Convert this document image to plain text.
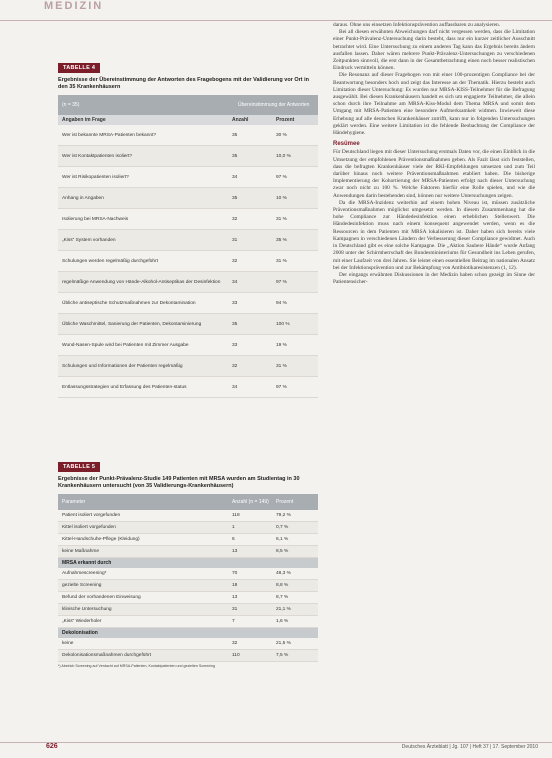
MEDIZIN
TABELLE 4
Ergebnisse der Übereinstimmung der Antworten des Fragebogens mit der Validierung vor Ort in den 35 Krankenhäusern
(n = 35)	Übereinstimmung der Antworten
Angaben im Frage	Anzahl	Prozent
Wer ist bekannte MRSA-Patienten bekannt?	35	30 %
Wer ist Kontaktpatienten isoliert?	35	10,0 %
Wer ist Risikopatienten isoliert?	34	97 %
Anhang in Angaben	35	10 %
Isolierung bei MRSA-Nachweis	32	31 %
„Kiss“ System vorhanden	31	35 %
Schulungen werden regelmäßig durchgeführt	32	31 %
regelmäßige Anwendung von Hände-Alkohol-Antiseptikas der Desinfektion	34	97 %
Übliche antiseptische Schutzmaßnahmen zur Dekontamination	33	94 %
Übliche Waschmittel, Sanierung der Patienten, Dekontaminierung	35	100 %
Wund-Nasen-Spule wird bei Patienten mit Zimmer Ausgabe	33	19 %
Schulungen und Informationen der Patienten regelmäßig	32	31 %
Entlassungsstrategien und Erfassung des Patienten-status	34	97 %
TABELLE 5
Ergebnisse der Punkt-Prävalenz-Studie 149 Patienten mit MRSA wurden am Studientag in 30 Krankenhäusern untersucht (von 35 Validierungs-Krankenhäusern)
Parameter	Anzahl (n = 149)	Prozent
Patient isoliert vorgefunden	118	79,2 %
Kittel isoliert vorgefunden	1	0,7 %
Kittel-Handschuhe-Pflege (Kleidung)	6	6,1 %
keine Maßnahme	13	8,5 %
MRSA erkannt durch
Aufnahmescreening*	70	48,3 %
gezielte Screening	18	8,8 %
Befund der vorhandenen Einweisung	13	8,7 %
klinische Untersuchung	31	21,1 %
„Kiss“ Wiederholer	7	1,6 %
Dekolonisation
keine	32	21,5 %
Dekolonisationsmaßnahmen durchgeführt	110	7,5 %
*) Abstrich Screening auf Verdacht auf MRSA-Patienten, Kontaktpatienten und gezielten Screening

daraus. Ohne uns einsetzen Infektionsprävention auffassbaren zu analysieren.

Bei all diesen erwähnten Abweichungen darf nicht vergessen werden, dass die Limitation einer Punkt-Prävalenz-Untersuchung darin besteht, dass nur ein kurzer zeitlicher Ausschnitt betrachtet wird. Eine Untersuchung zu einem anderen Tag kann das Ergebnis bereits ändern ausfallen lassen. Daher wären mehrere Punkt-Prävalenz-Untersuchungen zu verschiedenen Zeitpunkten sinnvoll, die erst dann in der Gesamtbetrachtung einen noch besser realistischen Eindruck vermitteln können.

Die Resonanz auf dieser Fragebogen von mit einer 100-prozentigen Compliance bei der Beantwortung besonders hoch und zeigt das Interesse an der Thematik. Hierzu besteht auch Limitation dieser Untersuchung: Es wurden nur MRSA-KISS-Teilnehmer für die Befragung ausgewählt. Bei diesen Krankenhäusern handelt es sich um engagierte Teilnehmer, die allein schon durch ihre Teilnahme am MRSA-Kiss-Modul dem Thema MRSA und somit dem Umgang mit MRSA-Patienten eine besondere Aufmerksamkeit widmen. Inwieweit diese Erhebung auf alle deutschen Krankenhäuser zutrifft, kann nur in folgenden Untersuchungen geklärt werden. Eine weitere Limitation ist die fehlende Beobachtung der Compliance der Händehygiene.

Resümee

Für Deutschland liegen mit dieser Untersuchung erstmals Daten vor, die einen Einblick in die Umsetzung der empfohlenen Präventionsmaßnahmen geben. Als Fazit lässt sich feststellen, dass die befragten Krankenhäuser viele der RKI-Empfehlungen umsetzen und zum Teil darüber hinaus noch weitere Präventionsmaßnahmen etabliert haben. Die bisherige Implementierung der Kohortierung der MRSA-Patienten erfolgt nach dieser Untersuchung zwar noch nicht zu 100 %. Welche Faktoren hierfür eine Rolle spielen, und wie die Anwendungen darin bestehenden sind, können nur weitere Untersuchungen zeigen.

Da die MRSA-Inzidenz weiterhin auf einem hohen Niveau ist, müssen zusätzliche Präventionsmaßnahmen möglichst umgesetzt werden. In diesem Zusammenhang hat die hohe Compliance zur Händedesinfektion einen erheblichen Stellenwert. Die Händedesinfektion muss nach einem konsequent angewendet werden, wenn es die Ressourcen in dem Patienten mit MRSA lokalisieren ist. Daher haben sich bereits viele Kampagnen in verschiedenen Ländern der Verbesserung dieser Compliance gewidmet. Auch in Deutschland gibt es eine solche Kampagne. Die „Aktion Saubere Hände“ wurde Anfang 2008 unter der Schirmherrschaft des Bundesministeriums für Gesundheit ins Leben gerufen, mit einer Laufzeit von drei Jahren. Sie leistet einen essentiellen Beitrag im nationalen Ansatz bei der Infektionsprävention und zur Bekämpfung von Antibiotikaresistenzen (1, 12).

Der eingangs erwähnten Diskussionen in der Medizin haben schon gezeigt im Sinne der Patientensicher-

626	Deutsches Ärzteblatt | Jg. 107 | Heft 37 | 17. September 2010
